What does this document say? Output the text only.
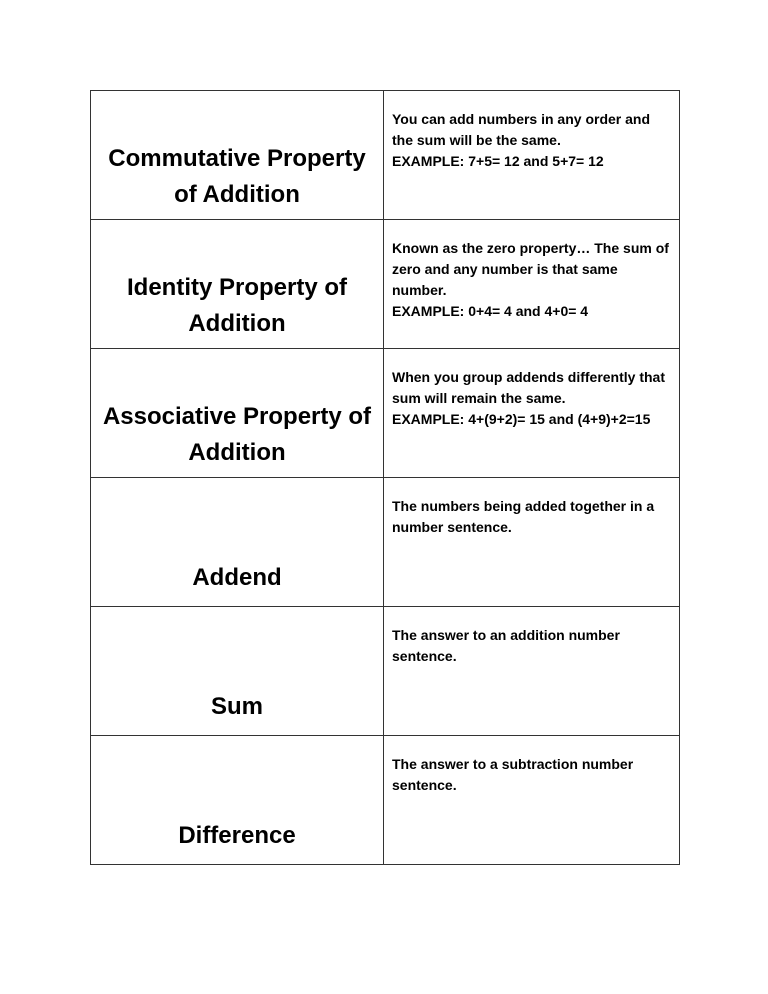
Commutative Property of Addition	You can add numbers in any order and the sum will be the same.
EXAMPLE: 7+5= 12 and 5+7= 12

Identity Property of Addition	Known as the zero property… The sum of zero and any number is that same number.
EXAMPLE: 0+4= 4 and 4+0= 4

Associative Property of Addition	When you group addends differently that sum will remain the same.
EXAMPLE: 4+(9+2)= 15 and (4+9)+2=15

Addend	The numbers being added together in a number sentence.

Sum	The answer to an addition number sentence.

Difference	The answer to a subtraction number sentence.
